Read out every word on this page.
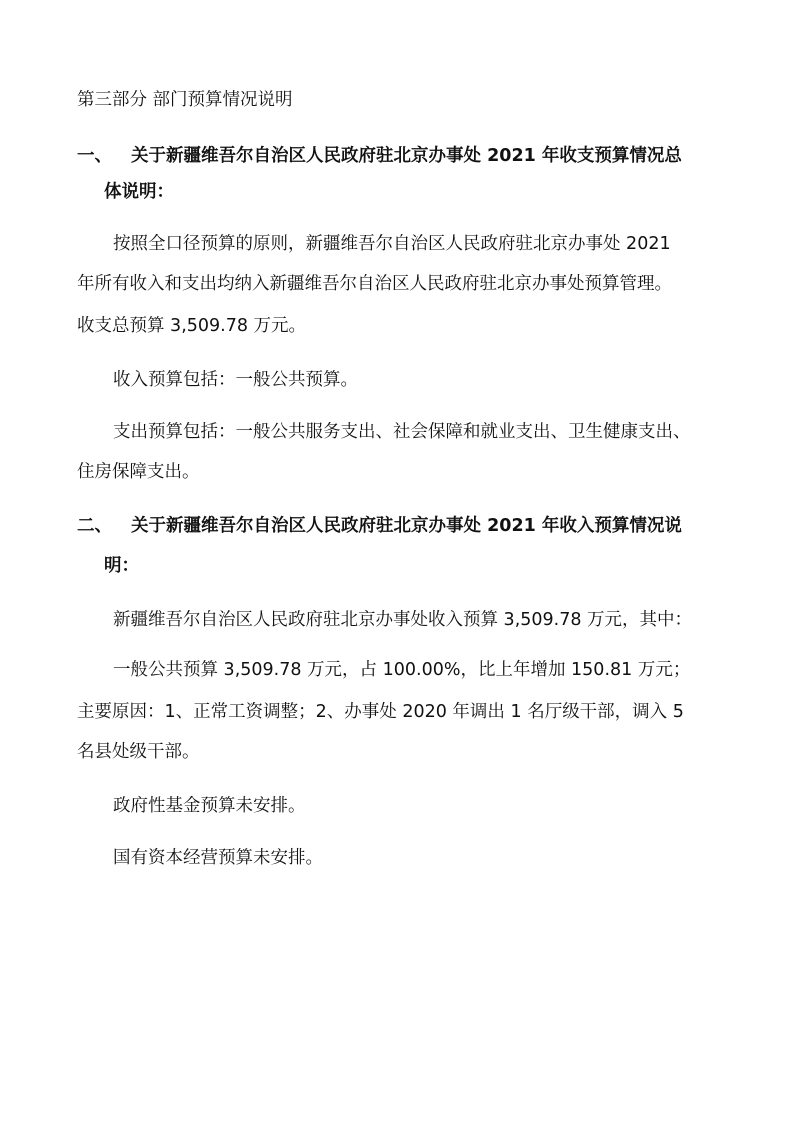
第三部分 部门预算情况说明
一、 关于新疆维吾尔自治区人民政府驻北京办事处 2021 年收支预算情况总
体说明：
按照全口径预算的原则，新疆维吾尔自治区人民政府驻北京办事处 2021
年所有收入和支出均纳入新疆维吾尔自治区人民政府驻北京办事处预算管理。
收支总预算 3,509.78 万元。
收入预算包括：一般公共预算。
支出预算包括：一般公共服务支出、社会保障和就业支出、卫生健康支出、
住房保障支出。
二、 关于新疆维吾尔自治区人民政府驻北京办事处 2021 年收入预算情况说
明：
新疆维吾尔自治区人民政府驻北京办事处收入预算 3,509.78 万元，其中：
一般公共预算 3,509.78 万元，占 100.00%，比上年增加 150.81 万元；
主要原因：1、正常工资调整；2、办事处 2020 年调出 1 名厅级干部，调入 5
名县处级干部。
政府性基金预算未安排。
国有资本经营预算未安排。
